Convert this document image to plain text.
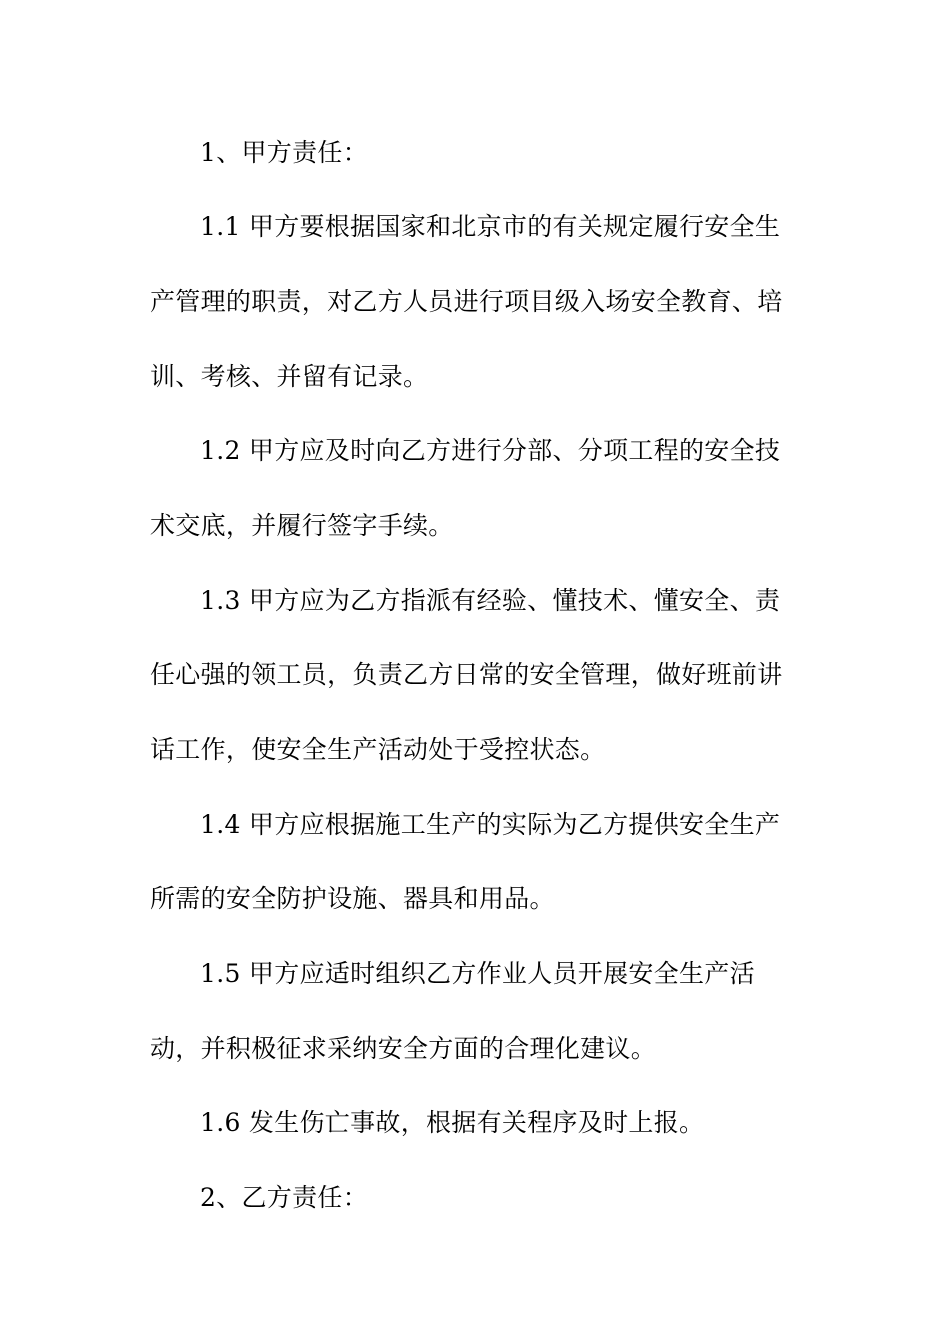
1、甲方责任：
1.1 甲方要根据国家和北京市的有关规定履行安全生
产管理的职责，对乙方人员进行项目级入场安全教育、培
训、考核、并留有记录。
1.2 甲方应及时向乙方进行分部、分项工程的安全技
术交底，并履行签字手续。
1.3 甲方应为乙方指派有经验、懂技术、懂安全、责
任心强的领工员，负责乙方日常的安全管理，做好班前讲
话工作，使安全生产活动处于受控状态。
1.4 甲方应根据施工生产的实际为乙方提供安全生产
所需的安全防护设施、器具和用品。
1.5 甲方应适时组织乙方作业人员开展安全生产活
动，并积极征求采纳安全方面的合理化建议。
1.6 发生伤亡事故，根据有关程序及时上报。
2、乙方责任：
